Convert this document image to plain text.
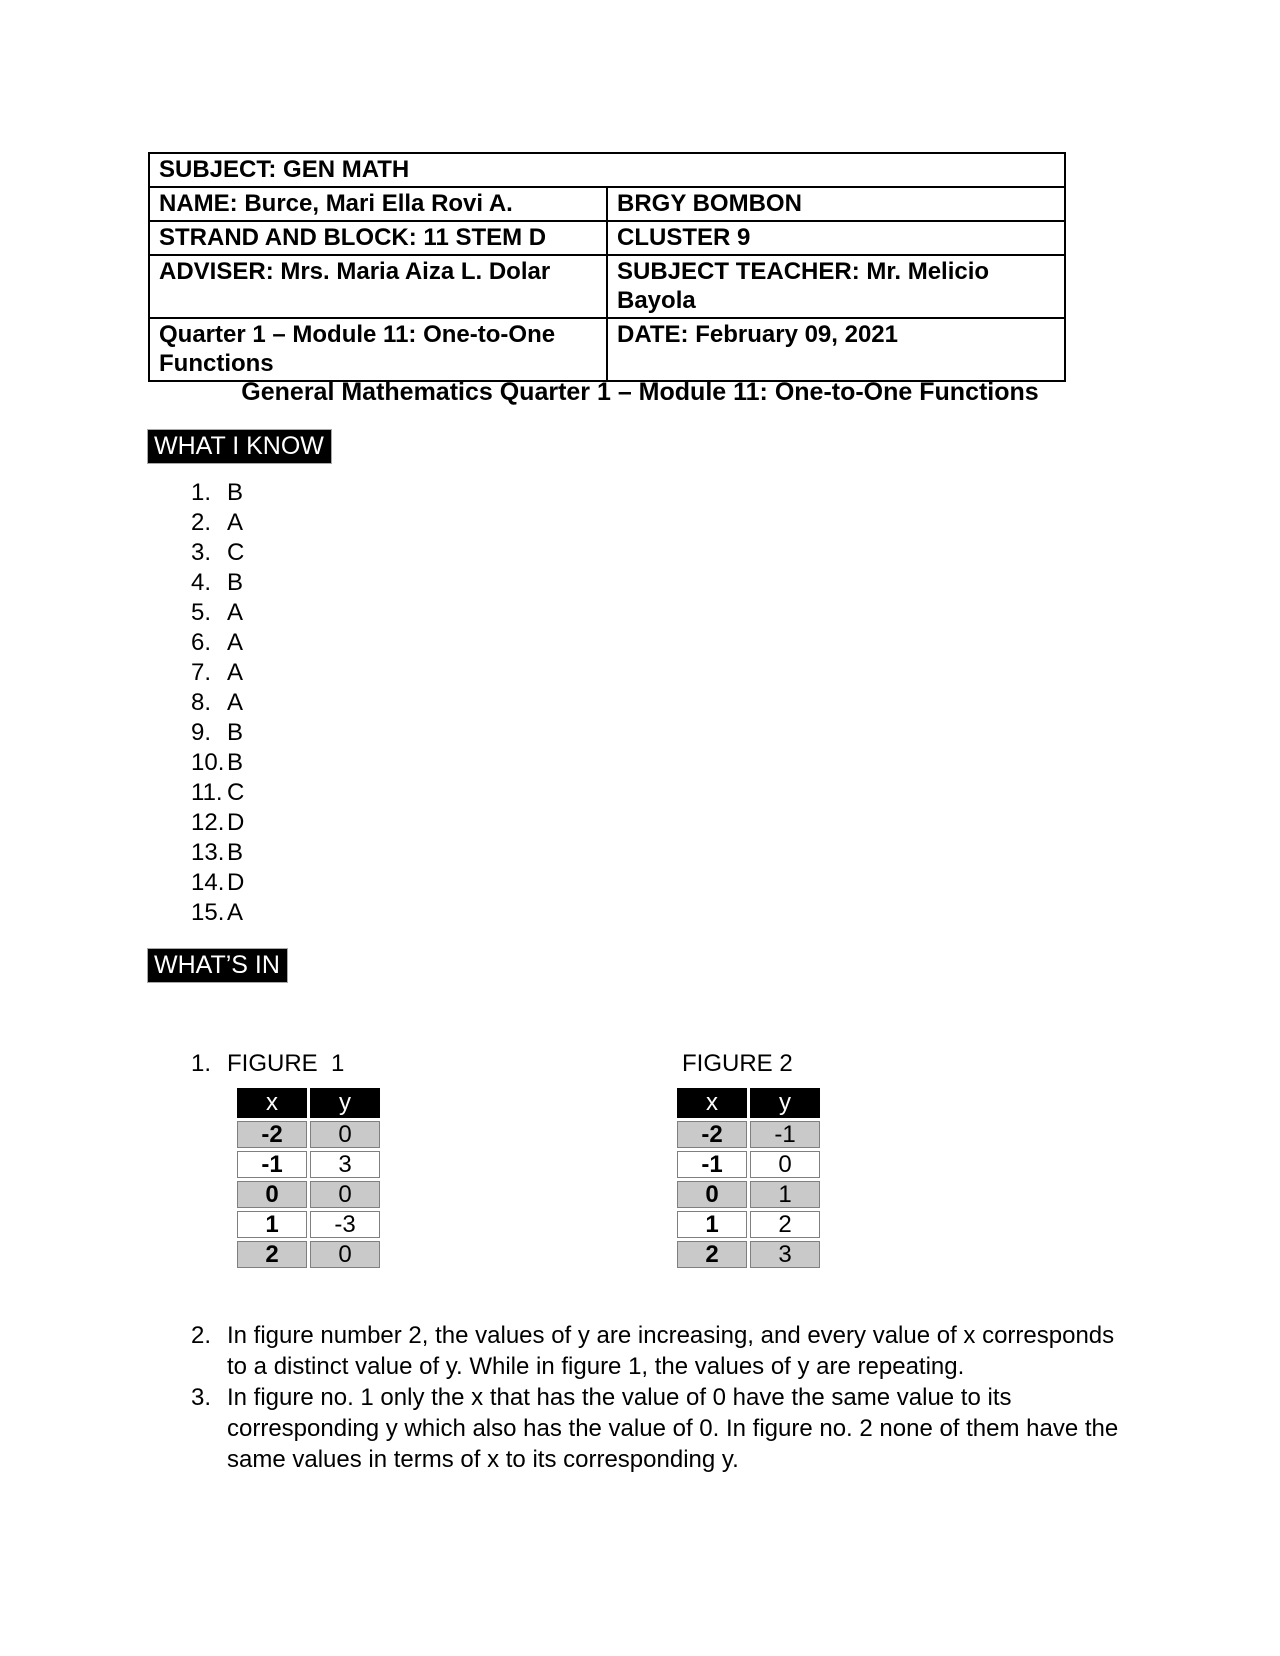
SUBJECT: GEN MATH	
NAME: Burce, Mari Ella Rovi A.	BRGY BOMBON
STRAND AND BLOCK: 11 STEM D	CLUSTER 9
ADVISER: Mrs. Maria Aiza L. Dolar	SUBJECT TEACHER: Mr. Melicio Bayola
Quarter 1 – Module 11: One-to-One Functions	DATE: February 09, 2021
General Mathematics Quarter 1 – Module 11: One-to-One Functions
WHAT I KNOW
1. B
2. A
3. C
4. B
5. A
6. A
7. A
8. A
9. B
10. B
11. C
12. D
13. B
14. D
15. A
WHAT’S IN
1. FIGURE  1	FIGURE 2
x	y
-2	0
-1	3
0	0
1	-3
2	0
x	y
-2	-1
-1	0
0	1
1	2
2	3
2. In figure number 2, the values of y are increasing, and every value of x corresponds to a distinct value of y. While in figure 1, the values of y are repeating.
3. In figure no. 1 only the x that has the value of 0 have the same value to its corresponding y which also has the value of 0. In figure no. 2 none of them have the same values in terms of x to its corresponding y.
